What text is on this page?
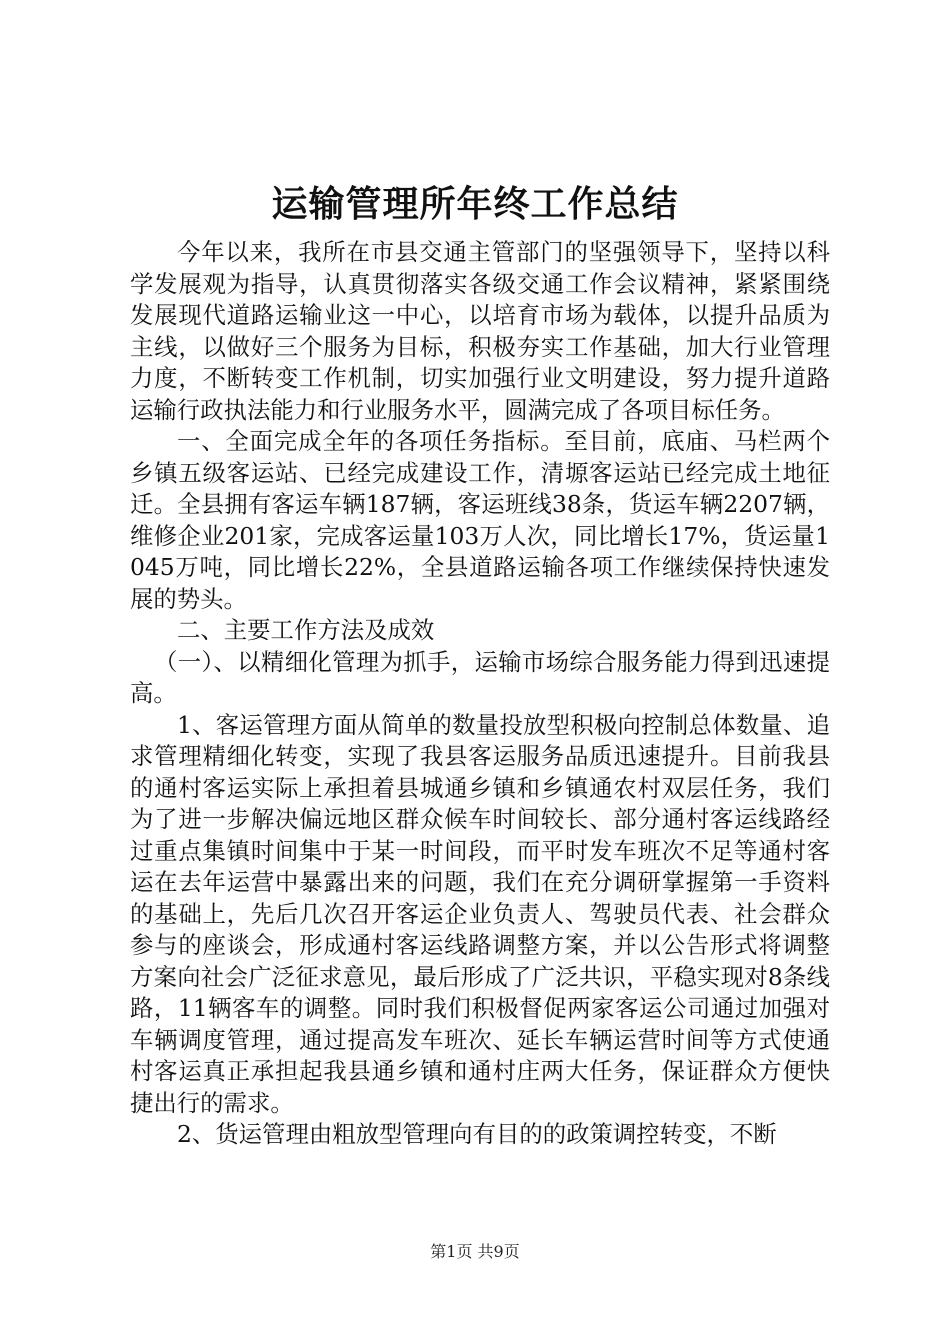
运输管理所年终工作总结

今年以来，我所在市县交通主管部门的坚强领导下，坚持以科学发展观为指导，认真贯彻落实各级交通工作会议精神，紧紧围绕发展现代道路运输业这一中心，以培育市场为载体，以提升品质为主线，以做好三个服务为目标，积极夯实工作基础，加大行业管理力度，不断转变工作机制，切实加强行业文明建设，努力提升道路运输行政执法能力和行业服务水平，圆满完成了各项目标任务。

一、全面完成全年的各项任务指标。至目前，底庙、马栏两个乡镇五级客运站、已经完成建设工作，清塬客运站已经完成土地征迁。全县拥有客运车辆187辆，客运班线38条，货运车辆2207辆，维修企业201家，完成客运量103万人次，同比增长17%，货运量1045万吨，同比增长22%，全县道路运输各项工作继续保持快速发展的势头。

二、主要工作方法及成效

（一）、以精细化管理为抓手，运输市场综合服务能力得到迅速提高。

1、客运管理方面从简单的数量投放型积极向控制总体数量、追求管理精细化转变，实现了我县客运服务品质迅速提升。目前我县的通村客运实际上承担着县城通乡镇和乡镇通农村双层任务，我们为了进一步解决偏远地区群众候车时间较长、部分通村客运线路经过重点集镇时间集中于某一时间段，而平时发车班次不足等通村客运在去年运营中暴露出来的问题，我们在充分调研掌握第一手资料的基础上，先后几次召开客运企业负责人、驾驶员代表、社会群众参与的座谈会，形成通村客运线路调整方案，并以公告形式将调整方案向社会广泛征求意见，最后形成了广泛共识，平稳实现对8条线路，11辆客车的调整。同时我们积极督促两家客运公司通过加强对车辆调度管理，通过提高发车班次、延长车辆运营时间等方式使通村客运真正承担起我县通乡镇和通村庄两大任务，保证群众方便快捷出行的需求。

2、货运管理由粗放型管理向有目的的政策调控转变，不断

第1页 共9页
